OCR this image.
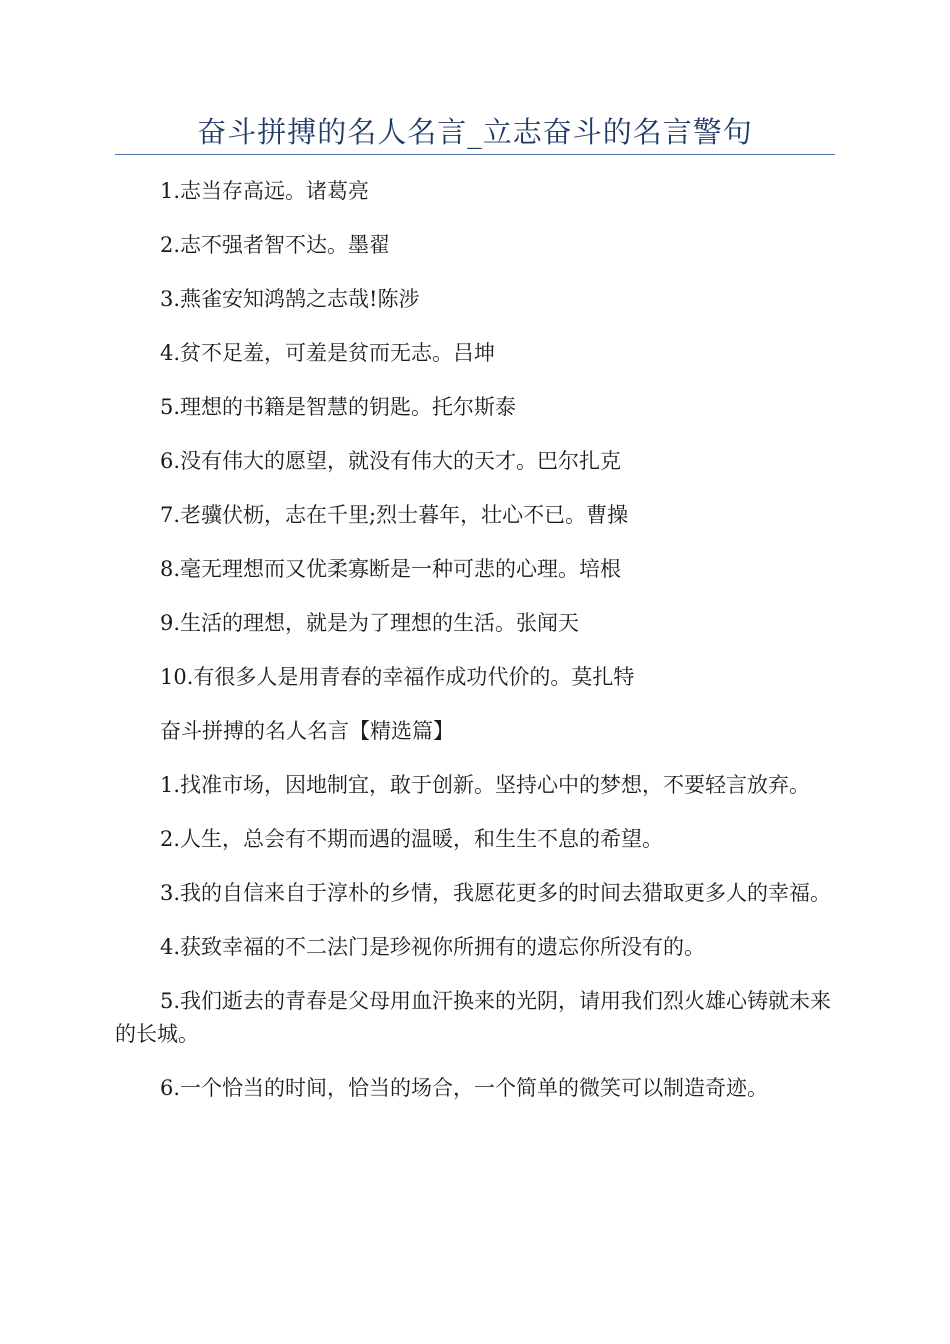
奋斗拼搏的名人名言_立志奋斗的名言警句

1.志当存高远。诸葛亮

2.志不强者智不达。墨翟

3.燕雀安知鸿鹄之志哉!陈涉

4.贫不足羞，可羞是贫而无志。吕坤

5.理想的书籍是智慧的钥匙。托尔斯泰

6.没有伟大的愿望，就没有伟大的天才。巴尔扎克

7.老骥伏枥，志在千里;烈士暮年，壮心不已。曹操

8.毫无理想而又优柔寡断是一种可悲的心理。培根

9.生活的理想，就是为了理想的生活。张闻天

10.有很多人是用青春的幸福作成功代价的。莫扎特

奋斗拼搏的名人名言【精选篇】

1.找准市场，因地制宜，敢于创新。坚持心中的梦想，不要轻言放弃。

2.人生，总会有不期而遇的温暖，和生生不息的希望。

3.我的自信来自于淳朴的乡情，我愿花更多的时间去猎取更多人的幸福。

4.获致幸福的不二法门是珍视你所拥有的遗忘你所没有的。

5.我们逝去的青春是父母用血汗换来的光阴，请用我们烈火雄心铸就未来的长城。

6.一个恰当的时间，恰当的场合，一个简单的微笑可以制造奇迹。
